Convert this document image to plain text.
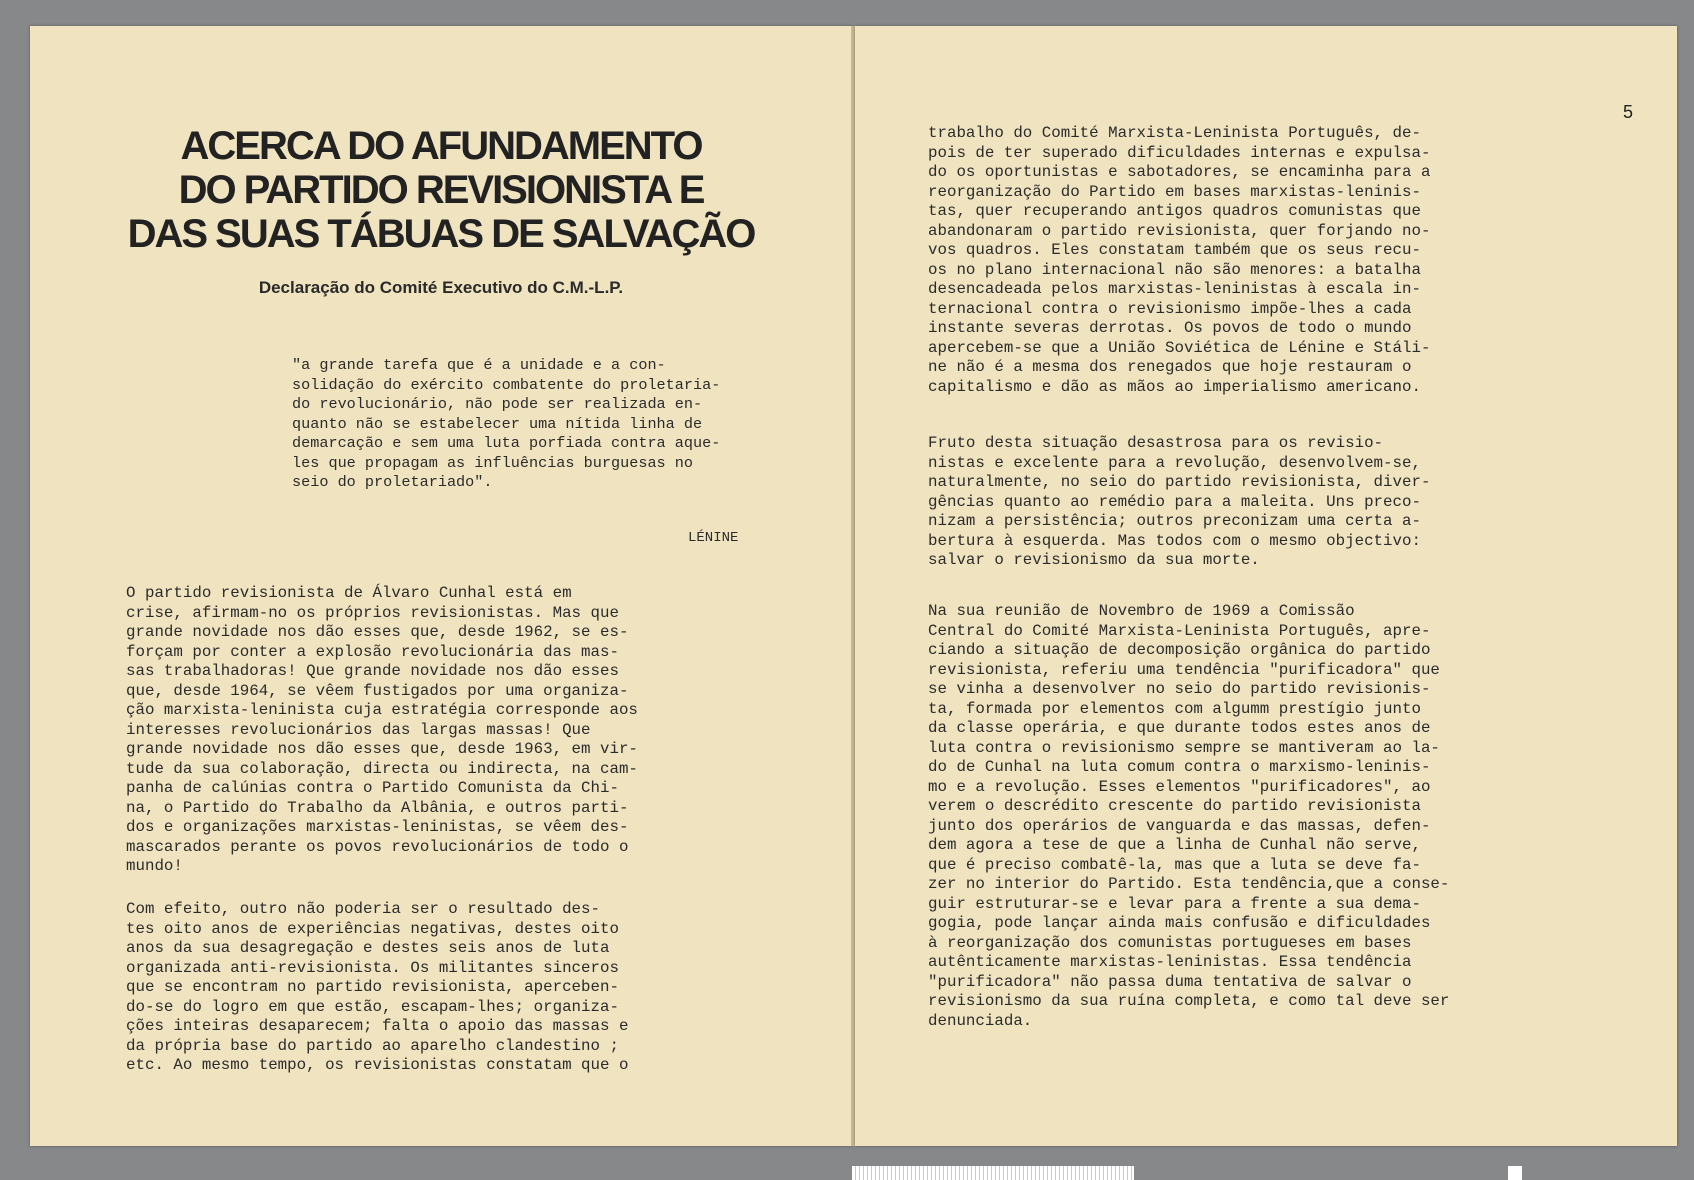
ACERCA DO AFUNDAMENTO
DO PARTIDO REVISIONISTA E
DAS SUAS TÁBUAS DE SALVAÇÃO
Declaração do Comité Executivo do C.M.-L.P.
"a grande tarefa que é a unidade e a con-
solidação do exército combatente do proletaria-
do revolucionário, não pode ser realizada en-
quanto não se estabelecer uma nítida linha de
demarcação e sem uma luta porfiada contra aque-
les que propagam as influências burguesas no
seio do proletariado".
LÉNINE
O partido revisionista de Álvaro Cunhal está em
crise, afirmam-no os próprios revisionistas. Mas que
grande novidade nos dão esses que, desde 1962, se es-
forçam por conter a explosão revolucionária das mas-
sas trabalhadoras! Que grande novidade nos dão esses
que, desde 1964, se vêem fustigados por uma organiza-
ção marxista-leninista cuja estratégia corresponde aos
interesses revolucionários das largas massas! Que
grande novidade nos dão esses que, desde 1963, em vir-
tude da sua colaboração, directa ou indirecta, na cam-
panha de calúnias contra o Partido Comunista da Chi-
na, o Partido do Trabalho da Albânia, e outros parti-
dos e organizações marxistas-leninistas, se vêem des-
mascarados perante os povos revolucionários de todo o
mundo!
Com efeito, outro não poderia ser o resultado des-
tes oito anos de experiências negativas, destes oito
anos da sua desagregação e destes seis anos de luta
organizada anti-revisionista. Os militantes sinceros
que se encontram no partido revisionista, aperceben-
do-se do logro em que estão, escapam-lhes; organiza-
ções inteiras desaparecem; falta o apoio das massas e
da própria base do partido ao aparelho clandestino ;
etc. Ao mesmo tempo, os revisionistas constatam que o
5
trabalho do Comité Marxista-Leninista Português, de-
pois de ter superado dificuldades internas e expulsa-
do os oportunistas e sabotadores, se encaminha para a
reorganização do Partido em bases marxistas-leninis-
tas, quer recuperando antigos quadros comunistas que
abandonaram o partido revisionista, quer forjando no-
vos quadros. Eles constatam também que os seus recu-
os no plano internacional não são menores: a batalha
desencadeada pelos marxistas-leninistas à escala in-
ternacional contra o revisionismo impõe-lhes a cada
instante severas derrotas. Os povos de todo o mundo
apercebem-se que a União Soviética de Lénine e Stáli-
ne não é a mesma dos renegados que hoje restauram o
capitalismo e dão as mãos ao imperialismo americano.
Fruto desta situação desastrosa para os revisio-
nistas e excelente para a revolução, desenvolvem-se,
naturalmente, no seio do partido revisionista, diver-
gências quanto ao remédio para a maleita. Uns preco-
nizam a persistência; outros preconizam uma certa a-
bertura à esquerda. Mas todos com o mesmo objectivo:
salvar o revisionismo da sua morte.
Na sua reunião de Novembro de 1969 a Comissão
Central do Comité Marxista-Leninista Português, apre-
ciando a situação de decomposição orgânica do partido
revisionista, referiu uma tendência "purificadora" que
se vinha a desenvolver no seio do partido revisionis-
ta, formada por elementos com algumm prestígio junto
da classe operária, e que durante todos estes anos de
luta contra o revisionismo sempre se mantiveram ao la-
do de Cunhal na luta comum contra o marxismo-leninis-
mo e a revolução. Esses elementos "purificadores", ao
verem o descrédito crescente do partido revisionista
junto dos operários de vanguarda e das massas, defen-
dem agora a tese de que a linha de Cunhal não serve,
que é preciso combatê-la, mas que a luta se deve fa-
zer no interior do Partido. Esta tendência,que a conse-
guir estruturar-se e levar para a frente a sua dema-
gogia, pode lançar ainda mais confusão e dificuldades
à reorganização dos comunistas portugueses em bases
autênticamente marxistas-leninistas. Essa tendência
"purificadora" não passa duma tentativa de salvar o
revisionismo da sua ruína completa, e como tal deve ser
denunciada.
